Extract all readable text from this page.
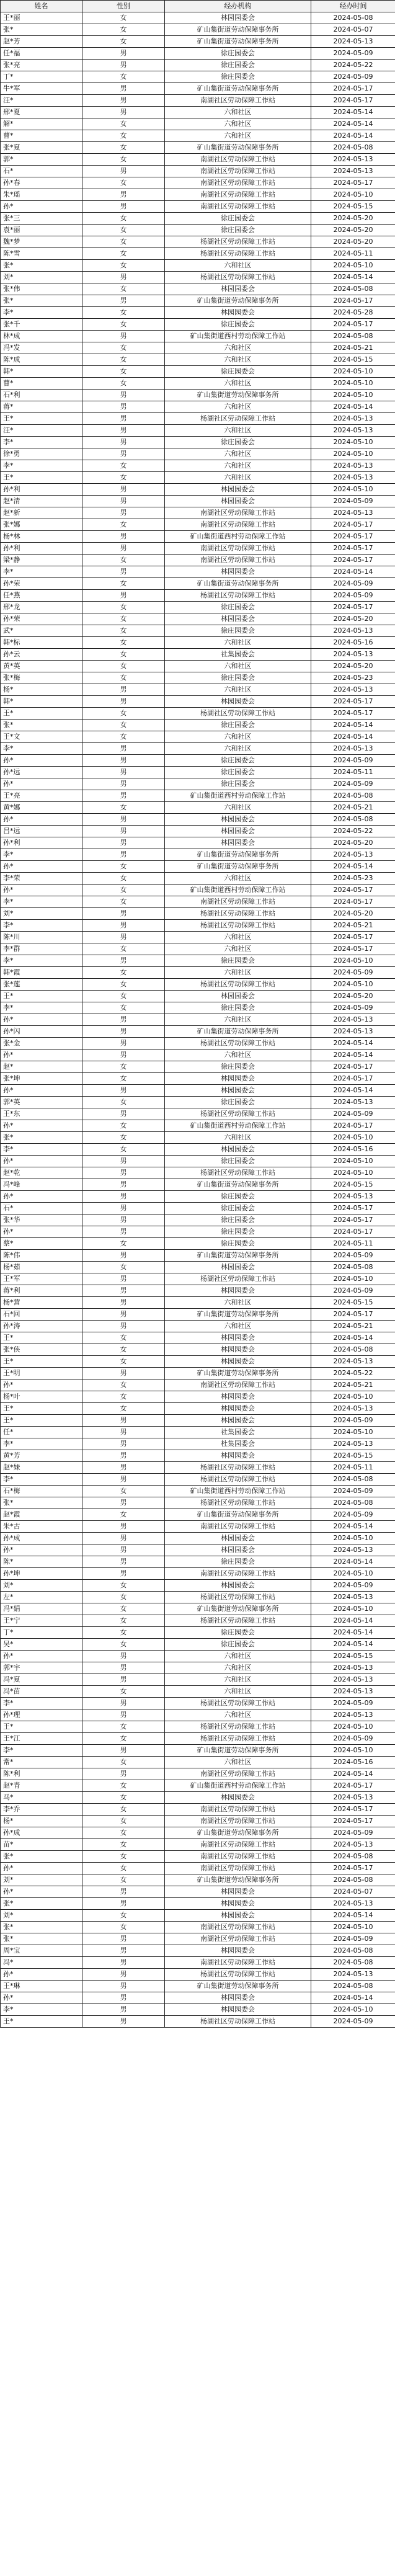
姓名	性别	经办机构	经办时间
王*丽	女	林园园委会	2024-05-08
张*	女	矿山集街道劳动保障事务所	2024-05-07
赵*芳	女	矿山集街道劳动保障事务所	2024-05-13
任*福	男	徐庄园委会	2024-05-09
张*亮	男	徐庄园委会	2024-05-22
丁*	女	徐庄园委会	2024-05-09
牛*军	男	矿山集街道劳动保障事务所	2024-05-17
汪*	男	南湖社区劳动保障工作站	2024-05-17
邢*夏	男	六和社区	2024-05-14
解*	女	六和社区	2024-05-14
曹*	女	六和社区	2024-05-14
张*夏	女	矿山集街道劳动保障事务所	2024-05-08
郭*	女	南湖社区劳动保障工作站	2024-05-13
石*	男	南湖社区劳动保障工作站	2024-05-13
孙*春	女	南湖社区劳动保障工作站	2024-05-17
朱*瑶	男	南湖社区劳动保障工作站	2024-05-10
孙*	男	南湖社区劳动保障工作站	2024-05-15
张*三	女	徐庄园委会	2024-05-20
袁*丽	女	徐庄园委会	2024-05-20
魏*梦	女	杨湖社区劳动保障工作站	2024-05-20
陈*雪	女	杨湖社区劳动保障工作站	2024-05-11
张*	女	六和社区	2024-05-10
刘*	男	杨湖社区劳动保障工作站	2024-05-14
张*伟	女	林园园委会	2024-05-08
张*	男	矿山集街道劳动保障事务所	2024-05-17
李*	女	林园园委会	2024-05-28
张*千	女	徐庄园委会	2024-05-17
林*成	男	矿山集街道西村劳动保障工作站	2024-05-08
冯*发	女	六和社区	2024-05-21
陈*成	女	六和社区	2024-05-15
韩*	女	徐庄园委会	2024-05-10
曹*	女	六和社区	2024-05-10
石*利	男	矿山集街道劳动保障事务所	2024-05-10
蒋*	男	六和社区	2024-05-14
王*	男	杨湖社区劳动保障工作站	2024-05-13
汪*	男	六和社区	2024-05-13
李*	男	徐庄园委会	2024-05-10
徐*勇	男	六和社区	2024-05-10
李*	女	六和社区	2024-05-13
王*	女	六和社区	2024-05-13
孙*利	男	林园园委会	2024-05-10
赵*清	男	林园园委会	2024-05-09
赵*新	男	南湖社区劳动保障工作站	2024-05-13
张*娜	女	南湖社区劳动保障工作站	2024-05-17
杨*林	男	矿山集街道西村劳动保障工作站	2024-05-17
孙*利	男	南湖社区劳动保障工作站	2024-05-17
梁*静	女	南湖社区劳动保障工作站	2024-05-17
李*	男	林园园委会	2024-05-14
孙*荣	女	矿山集街道劳动保障事务所	2024-05-09
任*燕	男	杨湖社区劳动保障工作站	2024-05-09
邢*龙	女	徐庄园委会	2024-05-17
孙*荣	女	林园园委会	2024-05-20
武*	女	徐庄园委会	2024-05-13
韩*标	女	六和社区	2024-05-16
孙*云	女	社集园委会	2024-05-13
黄*英	女	六和社区	2024-05-20
张*梅	女	徐庄园委会	2024-05-23
杨*	男	六和社区	2024-05-13
韩*	男	林园园委会	2024-05-17
王*	女	杨湖社区劳动保障工作站	2024-05-17
张*	女	徐庄园委会	2024-05-14
王*文	女	六和社区	2024-05-14
李*	男	六和社区	2024-05-13
孙*	男	徐庄园委会	2024-05-09
孙*远	男	徐庄园委会	2024-05-11
孙*	男	徐庄园委会	2024-05-09
王*亮	男	矿山集街道西村劳动保障工作站	2024-05-08
黄*娜	女	六和社区	2024-05-21
孙*	男	林园园委会	2024-05-08
吕*远	男	林园园委会	2024-05-22
孙*利	男	林园园委会	2024-05-20
李*	男	矿山集街道劳动保障事务所	2024-05-13
孙*	女	矿山集街道劳动保障事务所	2024-05-14
李*荣	女	六和社区	2024-05-23
孙*	女	矿山集街道西村劳动保障工作站	2024-05-17
李*	女	南湖社区劳动保障工作站	2024-05-17
刘*	男	杨湖社区劳动保障工作站	2024-05-20
李*	男	杨湖社区劳动保障工作站	2024-05-21
陈*川	男	六和社区	2024-05-17
李*群	女	六和社区	2024-05-17
李*	男	徐庄园委会	2024-05-10
韩*霞	女	六和社区	2024-05-09
张*莲	女	杨湖社区劳动保障工作站	2024-05-10
王*	女	林园园委会	2024-05-20
李*	女	徐庄园委会	2024-05-09
孙*	男	六和社区	2024-05-13
孙*闪	男	矿山集街道劳动保障事务所	2024-05-13
张*金	男	杨湖社区劳动保障工作站	2024-05-14
孙*	男	六和社区	2024-05-14
赵*	女	徐庄园委会	2024-05-17
张*坤	女	林园园委会	2024-05-17
孙*	男	林园园委会	2024-05-14
郭*英	女	徐庄园委会	2024-05-13
王*东	男	杨湖社区劳动保障工作站	2024-05-09
孙*	女	矿山集街道西村劳动保障工作站	2024-05-17
张*	女	六和社区	2024-05-10
李*	女	林园园委会	2024-05-16
孙*	男	徐庄园委会	2024-05-10
赵*乾	男	杨湖社区劳动保障工作站	2024-05-10
冯*峰	男	矿山集街道劳动保障事务所	2024-05-15
孙*	男	徐庄园委会	2024-05-13
石*	男	徐庄园委会	2024-05-17
张*华	男	徐庄园委会	2024-05-17
孙*	男	徐庄园委会	2024-05-17
蔡*	女	徐庄园委会	2024-05-11
陈*伟	男	矿山集街道劳动保障事务所	2024-05-09
杨*茹	女	林园园委会	2024-05-08
王*军	男	杨湖社区劳动保障工作站	2024-05-10
蒋*利	男	林园园委会	2024-05-09
杨*营	男	六和社区	2024-05-15
石*回	男	矿山集街道劳动保障事务所	2024-05-17
孙*涛	男	六和社区	2024-05-21
王*	女	林园园委会	2024-05-14
张*侠	女	林园园委会	2024-05-08
王*	女	林园园委会	2024-05-13
王*明	男	矿山集街道劳动保障事务所	2024-05-22
孙*	女	南湖社区劳动保障工作站	2024-05-21
杨*叶	女	林园园委会	2024-05-10
王*	女	林园园委会	2024-05-13
王*	男	林园园委会	2024-05-09
任*	男	社集园委会	2024-05-10
李*	男	杜集园委会	2024-05-13
黄*芳	男	林园园委会	2024-05-15
赵*妹	男	杨湖社区劳动保障工作站	2024-05-11
李*	男	杨湖社区劳动保障工作站	2024-05-08
石*梅	女	矿山集街道西村劳动保障工作站	2024-05-09
张*	男	杨湖社区劳动保障工作站	2024-05-08
赵*霞	女	矿山集街道劳动保障事务所	2024-05-09
朱*古	男	南湖社区劳动保障工作站	2024-05-14
孙*成	男	林园园委会	2024-05-10
孙*	男	林园园委会	2024-05-13
陈*	男	徐庄园委会	2024-05-14
孙*坤	男	南湖社区劳动保障工作站	2024-05-10
刘*	女	林园园委会	2024-05-09
左*	女	杨湖社区劳动保障工作站	2024-05-13
冯*娟	女	矿山集街道劳动保障事务所	2024-05-10
王*宁	女	杨湖社区劳动保障工作站	2024-05-14
丁*	女	徐庄园委会	2024-05-14
吴*	女	徐庄园委会	2024-05-14
孙*	男	六和社区	2024-05-15
郭*宇	男	六和社区	2024-05-13
冯*夏	男	六和社区	2024-05-13
冯*苗	女	六和社区	2024-05-13
李*	男	杨湖社区劳动保障工作站	2024-05-09
孙*理	男	六和社区	2024-05-13
王*	女	杨湖社区劳动保障工作站	2024-05-10
王*江	女	杨湖社区劳动保障工作站	2024-05-09
李*	男	矿山集街道劳动保障事务所	2024-05-10
常*	女	六和社区	2024-05-16
陈*利	男	南湖社区劳动保障工作站	2024-05-14
赵*青	女	矿山集街道西村劳动保障工作站	2024-05-17
马*	女	林园园委会	2024-05-13
李*乔	女	南湖社区劳动保障工作站	2024-05-17
杨*	女	南湖社区劳动保障工作站	2024-05-17
孙*成	女	矿山集街道劳动保障事务所	2024-05-09
苗*	女	南湖社区劳动保障工作站	2024-05-13
张*	女	南湖社区劳动保障工作站	2024-05-08
孙*	女	南湖社区劳动保障工作站	2024-05-17
刘*	女	矿山集街道劳动保障事务所	2024-05-08
孙*	男	林园园委会	2024-05-07
张*	男	林园园委会	2024-05-13
刘*	女	林园园委会	2024-05-14
张*	女	南湖社区劳动保障工作站	2024-05-10
张*	男	南湖社区劳动保障工作站	2024-05-09
周*宝	男	林园园委会	2024-05-08
冯*	男	南湖社区劳动保障工作站	2024-05-08
孙*	男	杨湖社区劳动保障工作站	2024-05-13
王*琳	男	矿山集街道劳动保障事务所	2024-05-08
孙*	男	林园园委会	2024-05-14
李*	男	林园园委会	2024-05-10
王*	男	杨湖社区劳动保障工作站	2024-05-09
